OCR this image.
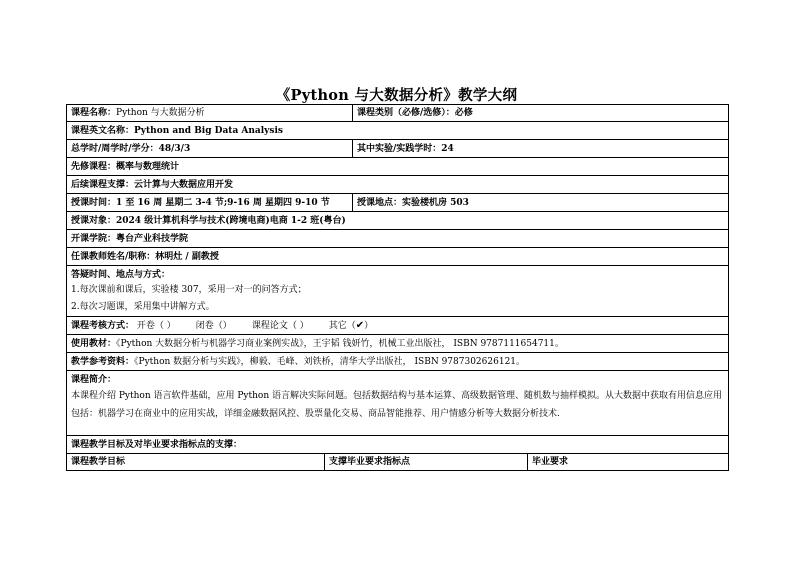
《Python 与大数据分析》教学大纲
课程名称：Python 与大数据分析		课程类别（必修/选修）：必修	
课程英文名称：Python and Big Data Analysis			
总学时/周学时/学分：48/3/3		其中实验/实践学时：24	
先修课程：概率与数理统计			
后续课程支撑：云计算与大数据应用开发			
授课时间：1 至 16 周 星期二 3-4 节;9-16 周 星期四 9-10 节		授课地点：实验楼机房 503	
授课对象：2024 级计算机科学与技术(跨境电商)电商 1-2 班(粤台)			
开课学院：粤台产业科技学院			
任课教师姓名/职称：林明灶 / 副教授			

答疑时间、地点与方式：
1.每次课前和课后，实验楼 307，采用一对一的问答方式；
2.每次习题课，采用集中讲解方式。			

课程考核方式： 开卷（ ） 闭卷（） 课程论文（ ） 其它（✔）			
使用教材：《Python 大数据分析与机器学习商业案例实战》，王宇韬 钱妍竹，机械工业出版社， ISBN 9787111654711。			
教学参考资料：《Python 数据分析与实践》，柳毅、毛峰、刘铁桥，清华大学出版社， ISBN 9787302626121。			

课程简介：
本课程介绍 Python 语言软件基础，应用 Python 语言解决实际问题。包括数据结构与基本运算、高级数据管理、随机数与抽样模拟。从大数据中获取有用信息应用包括：机器学习在商业中的应用实战，详细金融数据风控、股票量化交易、商品智能推荐、用户情感分析等大数据分析技术.			

课程教学目标及对毕业要求指标点的支撑：			
课程教学目标	支撑毕业要求指标点		毕业要求
